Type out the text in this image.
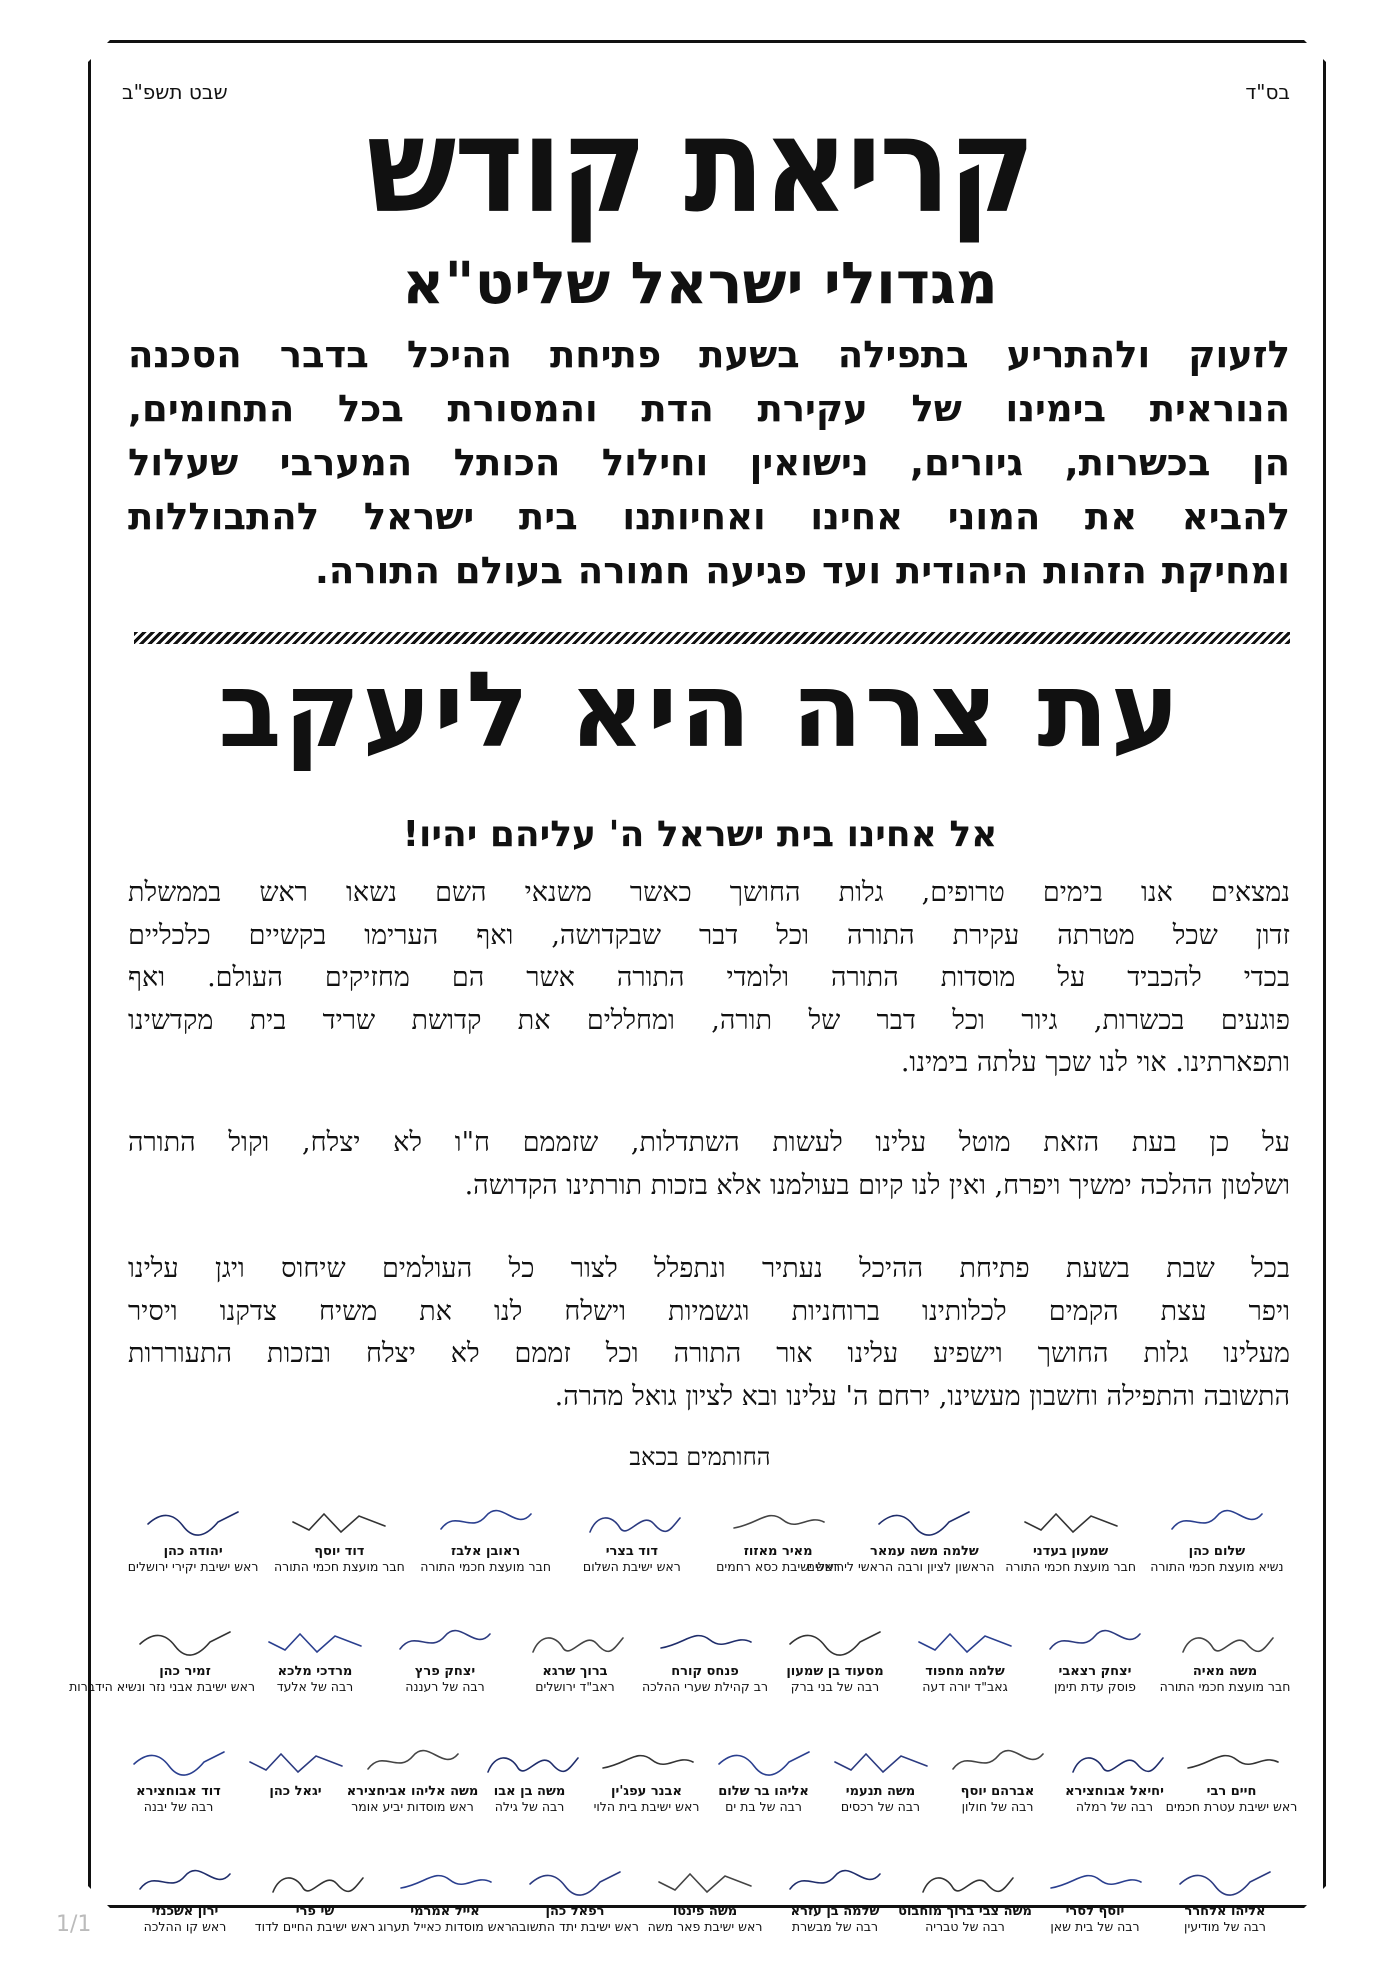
בס"ד
שבט תשפ"ב	קריאת קודש
מגדולי ישראל שליט"א
לזעוק ולהתריע בתפילה בשעת פתיחת ההיכל בדבר הסכנה
הנוראית בימינו של עקירת הדת והמסורת בכל התחומים,
הן בכשרות, גיורים, נישואין וחילול הכותל המערבי שעלול
להביא את המוני אחינו ואחיותנו בית ישראל להתבוללות
ומחיקת הזהות היהודית ועד פגיעה חמורה בעולם התורה.
עת צרה היא ליעקב
אל אחינו בית ישראל ה' עליהם יהיו!
נמצאים אנו בימים טרופים, גלות החושך כאשר משנאי השם נשאו ראש בממשלת
זדון שכל מטרתה עקירת התורה וכל דבר שבקדושה, ואף הערימו בקשיים כלכליים
בכדי להכביד על מוסדות התורה ולומדי התורה אשר הם מחזיקים העולם. ואף
פוגעים בכשרות, גיור וכל דבר של תורה, ומחללים את קדושת שריד בית מקדשינו
ותפארתינו. אוי לנו שכך עלתה בימינו.
על כן בעת הזאת מוטל עלינו לעשות השתדלות, שזממם ח"ו לא יצלח, וקול התורה
ושלטון ההלכה ימשיך ויפרח, ואין לנו קיום בעולמנו אלא בזכות תורתינו הקדושה.
בכל שבת בשעת פתיחת ההיכל נעתיר ונתפלל לצור כל העולמים שיחוס ויגן עלינו
ויפר עצת הקמים לכלותינו ברוחניות וגשמיות וישלח לנו את משיח צדקנו ויסיר
מעלינו גלות החושך וישפיע עלינו אור התורה וכל זממם לא יצלח ובזכות התעוררות
התשובה והתפילה וחשבון מעשינו, ירחם ה' עלינו ובא לציון גואל מהרה.
החותמים בכאב
שלום כהן
נשיא מועצת חכמי התורה
שמעון בעדני
חבר מועצת חכמי התורה
שלמה משה עמאר
הראשון לציון ורבה הראשי לירושלים
מאיר מאזוז
ראש ישיבת כסא רחמים
דוד בצרי
ראש ישיבת השלום
ראובן אלבז
חבר מועצת חכמי התורה
דוד יוסף
חבר מועצת חכמי התורה
יהודה כהן
ראש ישיבת יקירי ירושלים
משה מאיה
חבר מועצת חכמי התורה
יצחק רצאבי
פוסק עדת תימן
שלמה מחפוד
גאב"ד יורה דעה
מסעוד בן שמעון
רבה של בני ברק
פנחס קורח
רב קהילת שערי ההלכה
ברוך שרגא
ראב"ד ירושלים
יצחק פרץ
רבה של רעננה
מרדכי מלכא
רבה של אלעד
זמיר כהן
ראש ישיבת אבני נזר ונשיא הידברות
חיים רבי
ראש ישיבת עטרת חכמים
יחיאל אבוחצירא
רבה של רמלה
אברהם יוסף
רבה של חולון
משה תנעמי
רבה של רכסים
אליהו בר שלום
רבה של בת ים
אבנר עפג'ין
ראש ישיבת בית הלוי
משה בן אבו
רבה של גילה
משה אליהו אביחצירא
ראש מוסדות יביע אומר
יגאל כהן
דוד אבוחצירא
רבה של יבנה
אליהו אלחרר
רבה של מודיעין
יוסף לסרי
רבה של בית שאן
משה צבי ברוך מוחבוט
רבה של טבריה
שלמה בן עזרא
רבה של מבשרת
משה פינטו
ראש ישיבת פאר משה
רפאל כהן
ראש ישיבת יתד התשובה
אייל אמרמי
ראש מוסדות כאייל תערוג
שי פרי
ראש ישיבת החיים לדוד
ירון אשכנזי
ראש קו ההלכה
1/1
